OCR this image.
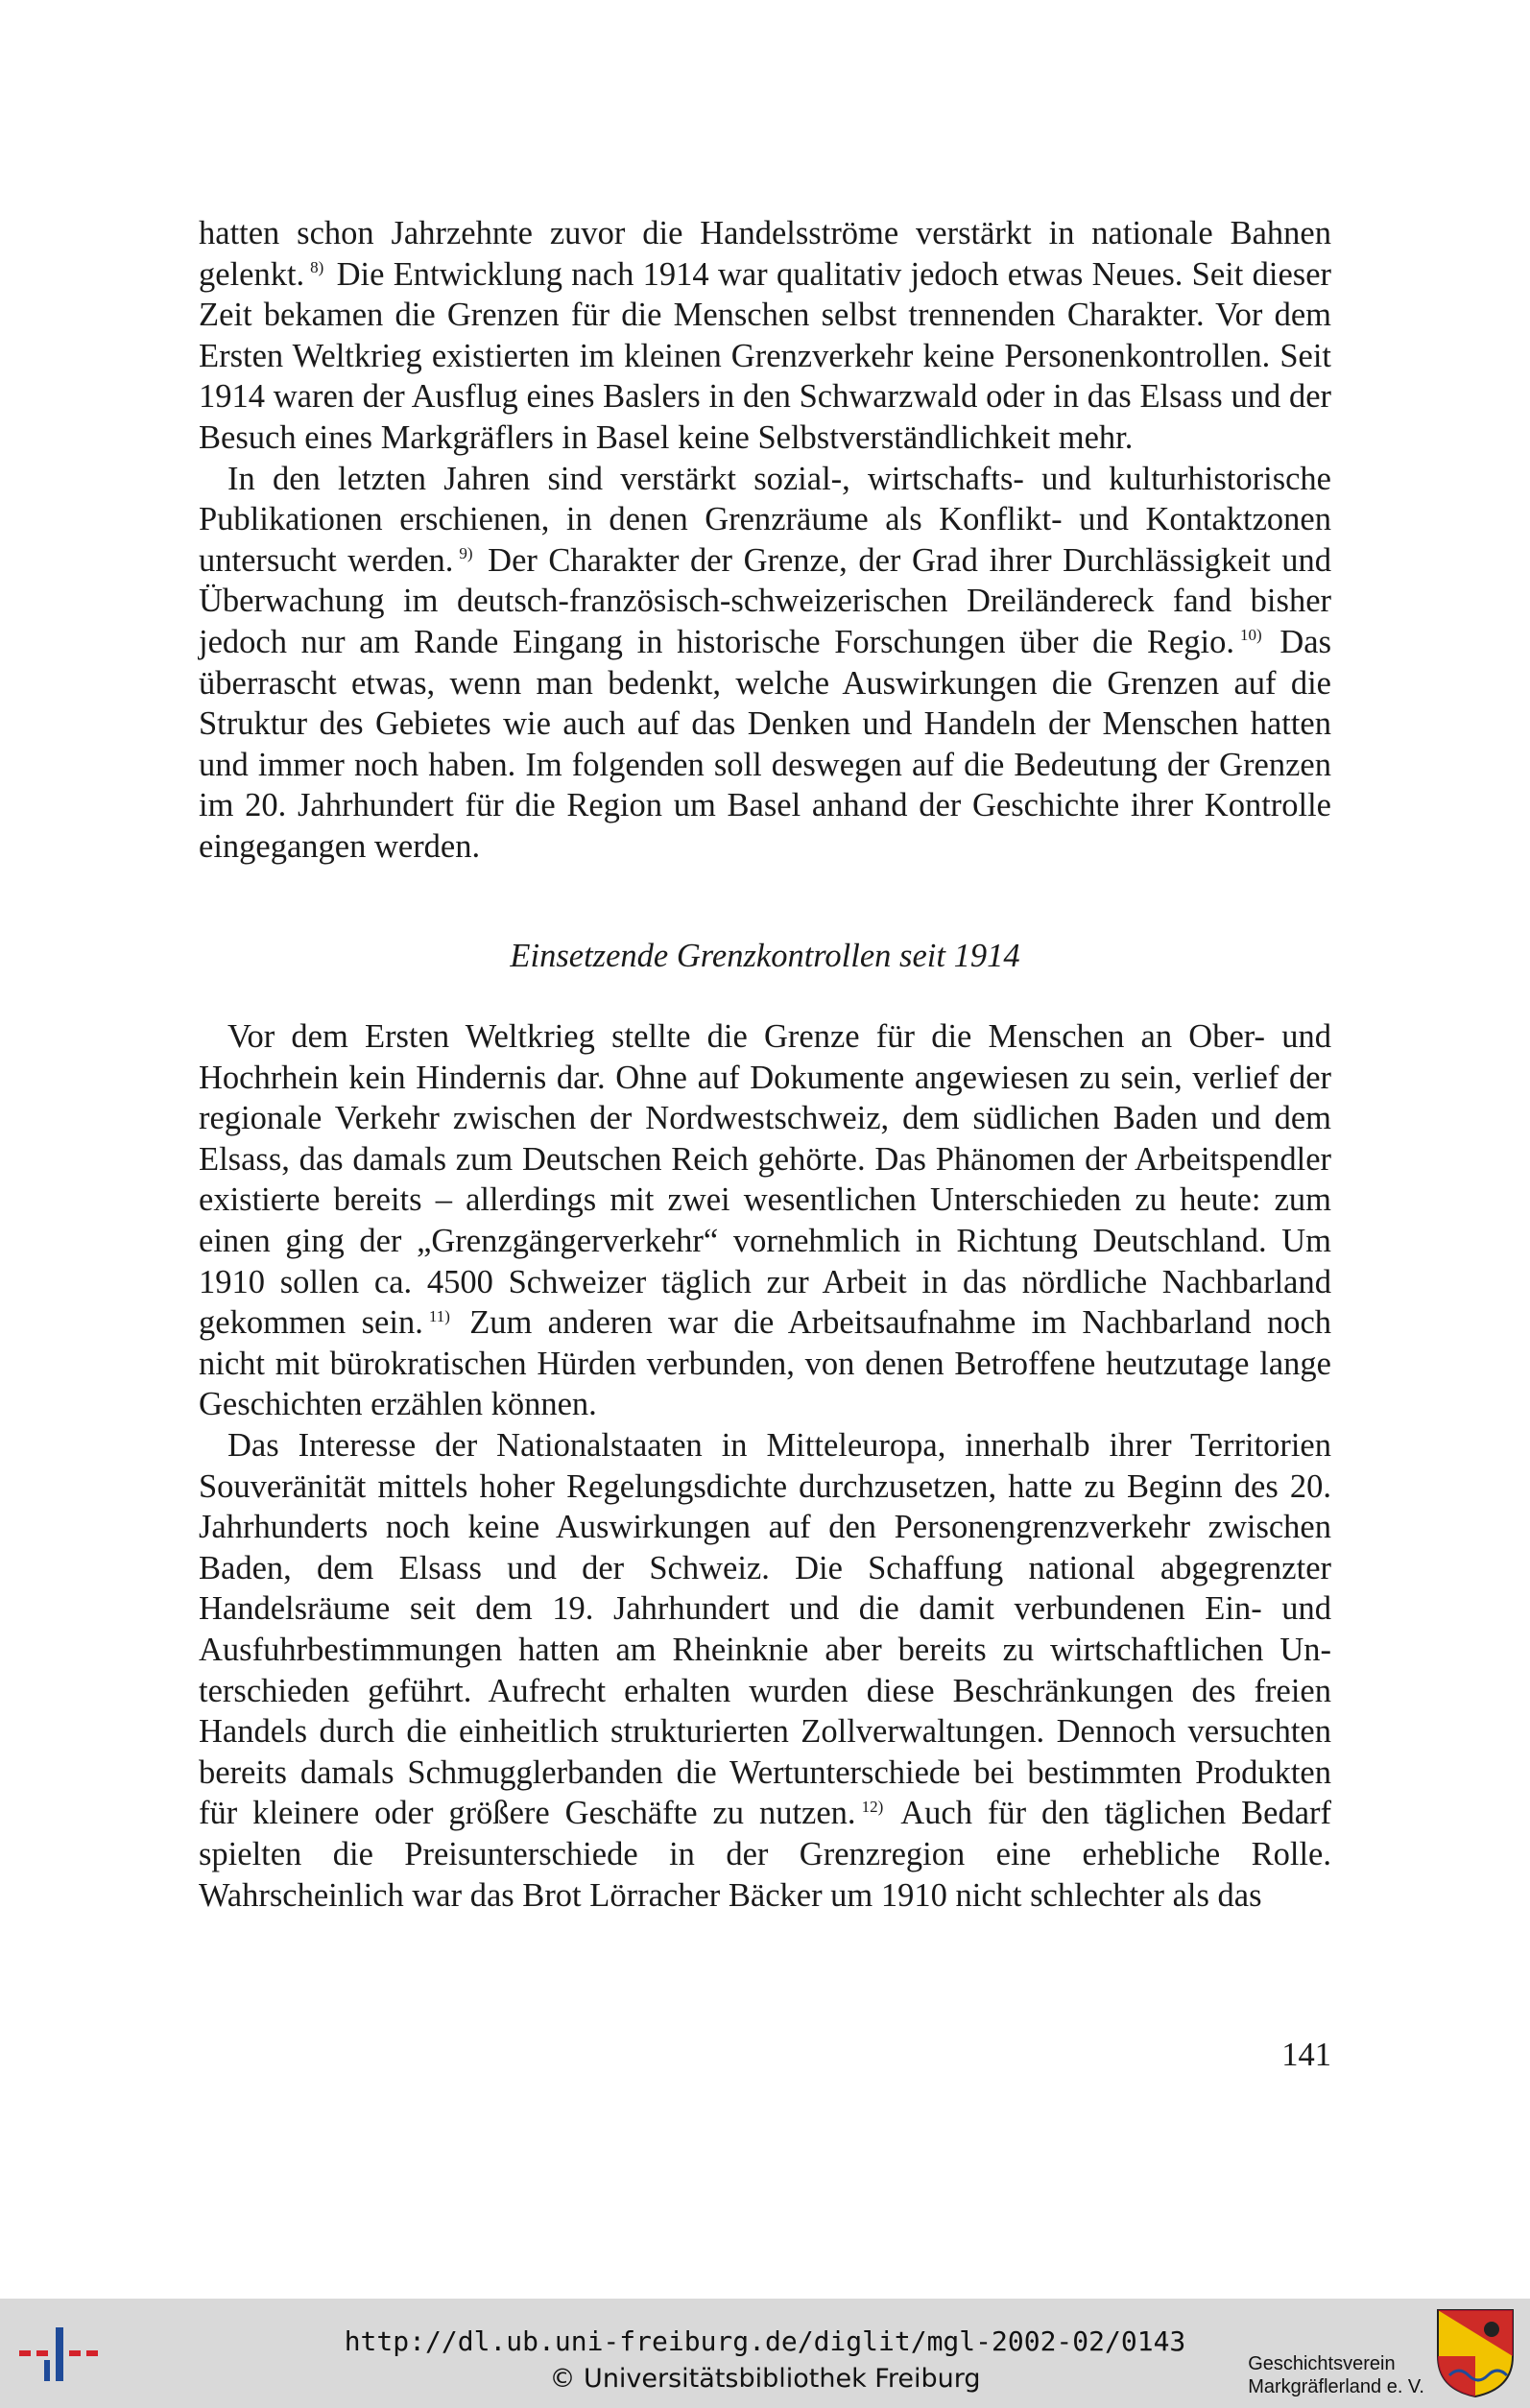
hatten schon Jahrzehnte zuvor die Handelsströme verstärkt in nationale Bahnen gelenkt. $^{8)}$ Die Entwicklung nach 1914 war qualitativ jedoch etwas Neues. Seit dieser Zeit bekamen die Grenzen für die Menschen selbst trennenden Charakter. Vor dem Ersten Weltkrieg existierten im kleinen Grenzverkehr keine Personenkontrollen. Seit 1914 waren der Ausflug eines Baslers in den Schwarzwald oder in das Elsass und der Besuch eines Markgräflers in Basel keine Selbstverständlichkeit mehr.

In den letzten Jahren sind verstärkt sozial-, wirtschafts- und kulturhistorische Publikationen erschienen, in denen Grenzräume als Konflikt- und Kontaktzonen untersucht werden. $^{9)}$ Der Charakter der Grenze, der Grad ihrer Durchlässigkeit und Überwachung im deutsch-französisch-schweizerischen Dreiländereck fand bisher jedoch nur am Rande Eingang in historische Forschungen über die Regio. $^{10)}$ Das überrascht etwas, wenn man bedenkt, welche Auswirkungen die Grenzen auf die Struktur des Gebietes wie auch auf das Denken und Handeln der Menschen hatten und immer noch haben. Im folgenden soll deswegen auf die Bedeutung der Grenzen im 20. Jahrhundert für die Region um Basel anhand der Geschichte ihrer Kontrolle eingegangen werden.

Einsetzende Grenzkontrollen seit 1914

Vor dem Ersten Weltkrieg stellte die Grenze für die Menschen an Ober- und Hochrhein kein Hindernis dar. Ohne auf Dokumente angewiesen zu sein, verlief der regionale Verkehr zwischen der Nordwestschweiz, dem südlichen Baden und dem Elsass, das damals zum Deutschen Reich gehörte. Das Phänomen der Arbeitspendler existierte bereits – allerdings mit zwei wesentlichen Unterschieden zu heute: zum einen ging der „Grenzgängerverkehr“ vornehmlich in Richtung Deutschland. Um 1910 sollen ca. 4500 Schweizer täglich zur Arbeit in das nördliche Nachbarland gekommen sein. $^{11)}$ Zum anderen war die Arbeitsaufnahme im Nachbarland noch nicht mit bürokratischen Hürden verbunden, von denen Betroffene heutzutage lange Geschichten erzählen können.

Das Interesse der Nationalstaaten in Mitteleuropa, innerhalb ihrer Territorien Souveränität mittels hoher Regelungsdichte durchzusetzen, hatte zu Beginn des 20. Jahrhunderts noch keine Auswirkungen auf den Personengrenzverkehr zwischen Baden, dem Elsass und der Schweiz. Die Schaffung national abgegrenzter Handelsräume seit dem 19. Jahrhundert und die damit verbundenen Ein- und Ausfuhrbestimmungen hatten am Rheinknie aber bereits zu wirtschaftlichen Unterschieden geführt. Aufrecht erhalten wurden diese Beschränkungen des freien Handels durch die einheitlich strukturierten Zollverwaltungen. Dennoch versuchten bereits damals Schmugglerbanden die Wertunterschiede bei bestimmten Produkten für kleinere oder größere Geschäfte zu nutzen. $^{12)}$ Auch für den täglichen Bedarf spielten die Preisunterschiede in der Grenzregion eine erhebliche Rolle. Wahrscheinlich war das Brot Lörracher Bäcker um 1910 nicht schlechter als das

141
http://dl.ub.uni-freiburg.de/diglit/mgl-2002-02/0143
© Universitätsbibliothek Freiburg	Geschichtsverein
Markgräflerland e. V.
